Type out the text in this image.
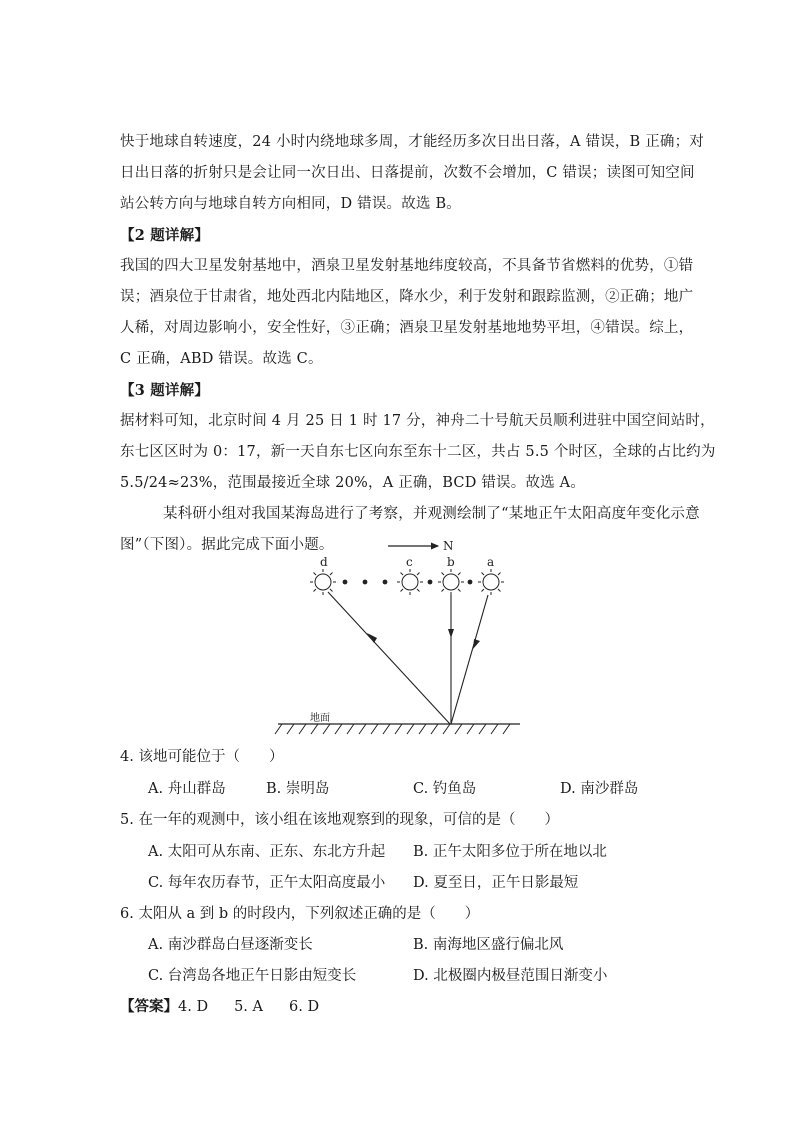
快于地球自转速度，24 小时内绕地球多周，才能经历多次日出日落，A 错误，B 正确；对
日出日落的折射只是会让同一次日出、日落提前，次数不会增加，C 错误；读图可知空间
站公转方向与地球自转方向相同，D 错误。故选 B。
【2 题详解】
我国的四大卫星发射基地中，酒泉卫星发射基地纬度较高，不具备节省燃料的优势，①错
误；酒泉位于甘肃省，地处西北内陆地区，降水少，利于发射和跟踪监测，②正确；地广
人稀，对周边影响小，安全性好，③正确；酒泉卫星发射基地地势平坦，④错误。综上，
C 正确，ABD 错误。故选 C。
【3 题详解】
据材料可知，北京时间 4 月 25 日 1 时 17 分，神舟二十号航天员顺利进驻中国空间站时，
东七区区时为 0：17，新一天自东七区向东至东十二区，共占 5.5 个时区，全球的占比约为
5.5/24≈23%，范围最接近全球 20%，A 正确，BCD 错误。故选 A。
某科研小组对我国某海岛进行了考察，并观测绘制了“某地正午太阳高度年变化示意
图”（下图）。据此完成下面小题。	N
d	c	b	a
地面
4. 该地可能位于（　　）
A. 舟山群岛	B. 崇明岛	C. 钓鱼岛	D. 南沙群岛
5. 在一年的观测中，该小组在该地观察到的现象，可信的是（　　）
A. 太阳可从东南、正东、东北方升起 B. 正午太阳多位于所在地以北
C. 每年农历春节，正午太阳高度最小 D. 夏至日，正午日影最短
6. 太阳从 a 到 b 的时段内，下列叙述正确的是（　　）
A. 南沙群岛白昼逐渐变长	B. 南海地区盛行偏北风
C. 台湾岛各地正午日影由短变长	D. 北极圈内极昼范围日渐变小
【答案】4. D 5. A 6. D
